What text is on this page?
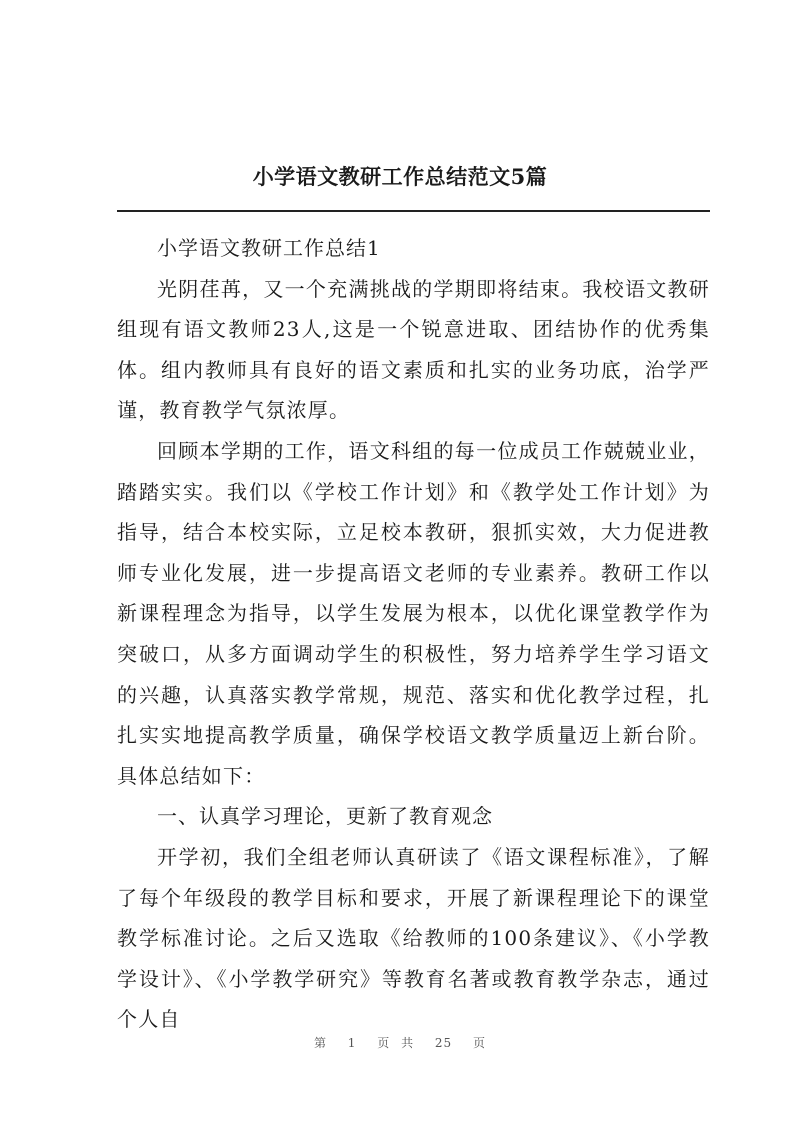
小学语文教研工作总结范文5篇

小学语文教研工作总结1

光阴荏苒，又一个充满挑战的学期即将结束。我校语文教研组现有语文教师23人,这是一个锐意进取、团结协作的优秀集体。组内教师具有良好的语文素质和扎实的业务功底，治学严谨，教育教学气氛浓厚。

回顾本学期的工作，语文科组的每一位成员工作兢兢业业，踏踏实实。我们以《学校工作计划》和《教学处工作计划》为指导，结合本校实际，立足校本教研，狠抓实效，大力促进教师专业化发展，进一步提高语文老师的专业素养。教研工作以新课程理念为指导，以学生发展为根本，以优化课堂教学作为突破口，从多方面调动学生的积极性，努力培养学生学习语文的兴趣，认真落实教学常规，规范、落实和优化教学过程，扎扎实实地提高教学质量，确保学校语文教学质量迈上新台阶。具体总结如下：

一、认真学习理论，更新了教育观念

开学初，我们全组老师认真研读了《语文课程标准》，了解了每个年级段的教学目标和要求，开展了新课程理论下的课堂教学标准讨论。之后又选取《给教师的100条建议》、《小学教学设计》、《小学教学研究》等教育名著或教育教学杂志，通过个人自

第 1 页 共 25 页
